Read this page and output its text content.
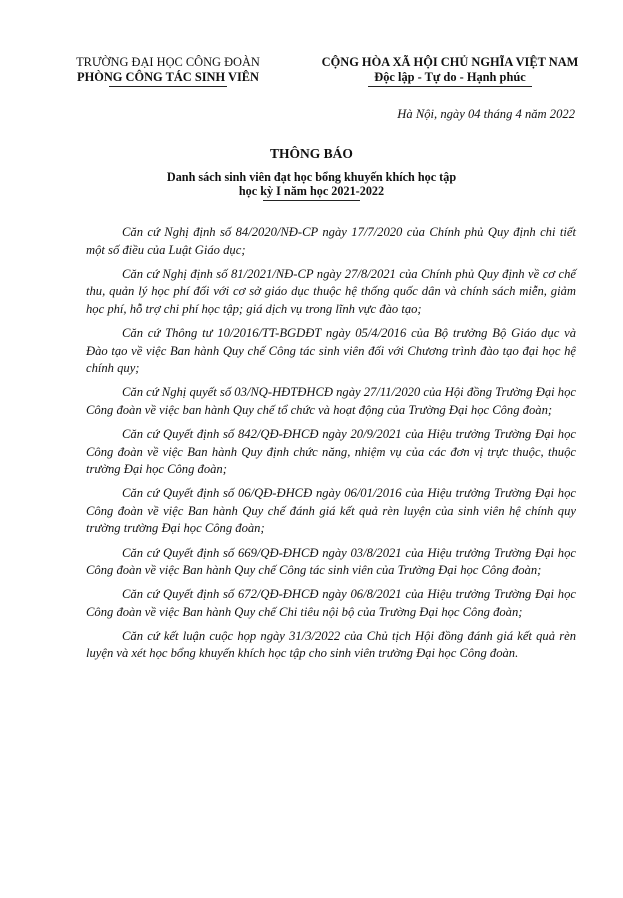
TRƯỜNG ĐẠI HỌC CÔNG ĐOÀN
PHÒNG CÔNG TÁC SINH VIÊN
CỘNG HÒA XÃ HỘI CHỦ NGHĨA VIỆT NAM
Độc lập - Tự do - Hạnh phúc
Hà Nội, ngày 04 tháng 4 năm 2022
THÔNG BÁO
Danh sách sinh viên đạt học bổng khuyến khích học tập
học kỳ I năm học 2021-2022

Căn cứ Nghị định số 84/2020/NĐ-CP ngày 17/7/2020 của Chính phủ Quy định chi tiết một số điều của Luật Giáo dục;

Căn cứ Nghị định số 81/2021/NĐ-CP ngày 27/8/2021 của Chính phủ Quy định về cơ chế thu, quản lý học phí đối với cơ sở giáo dục thuộc hệ thống quốc dân và chính sách miễn, giảm học phí, hỗ trợ chi phí học tập; giá dịch vụ trong lĩnh vực đào tạo;

Căn cứ Thông tư 10/2016/TT-BGDĐT ngày 05/4/2016 của Bộ trưởng Bộ Giáo dục và Đào tạo về việc Ban hành Quy chế Công tác sinh viên đối với Chương trình đào tạo đại học hệ chính quy;

Căn cứ Nghị quyết số 03/NQ-HĐTĐHCĐ ngày 27/11/2020 của Hội đồng Trường Đại học Công đoàn về việc ban hành Quy chế tổ chức và hoạt động của Trường Đại học Công đoàn;

Căn cứ Quyết định số 842/QĐ-ĐHCĐ ngày 20/9/2021 của Hiệu trưởng Trường Đại học Công đoàn về việc Ban hành Quy định chức năng, nhiệm vụ của các đơn vị trực thuộc, thuộc trường Đại học Công đoàn;

Căn cứ Quyết định số 06/QĐ-ĐHCĐ ngày 06/01/2016 của Hiệu trưởng Trường Đại học Công đoàn về việc Ban hành Quy chế đánh giá kết quả rèn luyện của sinh viên hệ chính quy trường trường Đại học Công đoàn;

Căn cứ Quyết định số 669/QĐ-ĐHCĐ ngày 03/8/2021 của Hiệu trưởng Trường Đại học Công đoàn về việc Ban hành Quy chế Công tác sinh viên của Trường Đại học Công đoàn;

Căn cứ Quyết định số 672/QĐ-ĐHCĐ ngày 06/8/2021 của Hiệu trưởng Trường Đại học Công đoàn về việc Ban hành Quy chế Chi tiêu nội bộ của Trường Đại học Công đoàn;

Căn cứ kết luận cuộc họp ngày 31/3/2022 của Chủ tịch Hội đồng đánh giá kết quả rèn luyện và xét học bổng khuyến khích học tập cho sinh viên trường Đại học Công đoàn.
